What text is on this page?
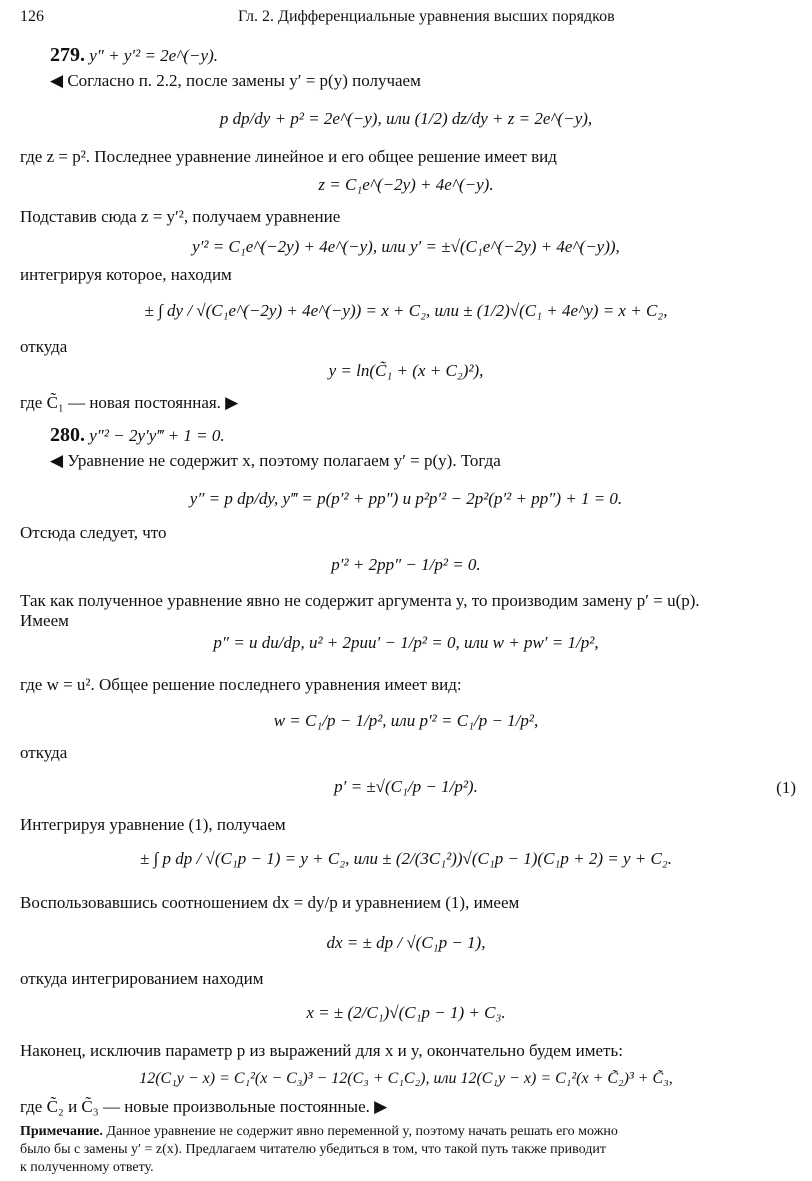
126	Гл. 2. Дифференциальные уравнения высших порядков
279. y″ + y′² = 2e^(−y).
◀ Согласно п. 2.2, после замены y′ = p(y) получаем
p dp/dy + p² = 2e^(−y), или (1/2) dz/dy + z = 2e^(−y),
где z = p². Последнее уравнение линейное и его общее решение имеет вид
z = C₁e^(−2y) + 4e^(−y).
Подставив сюда z = y′², получаем уравнение
y′² = C₁e^(−2y) + 4e^(−y), или y′ = ±√(C₁e^(−2y) + 4e^(−y)),
интегрируя которое, находим
± ∫ dy / √(C₁e^(−2y) + 4e^(−y)) = x + C₂, или ± (1/2)√(C₁ + 4e^y) = x + C₂,
откуда
y = ln(C̃₁ + (x + C₂)²),
где C̃₁ — новая постоянная. ▶
280. y″² − 2y′y‴ + 1 = 0.
◀ Уравнение не содержит x, поэтому полагаем y′ = p(y). Тогда
y″ = p dp/dy, y‴ = p(p′² + pp″) и p²p′² − 2p²(p′² + pp″) + 1 = 0.
Отсюда следует, что
p′² + 2pp″ − 1/p² = 0.
Так как полученное уравнение явно не содержит аргумента y, то производим замену p′ = u(p).
Имеем
p″ = u du/dp, u² + 2puu′ − 1/p² = 0, или w + pw′ = 1/p²,
где w = u². Общее решение последнего уравнения имеет вид:
w = C₁/p − 1/p², или p′² = C₁/p − 1/p²,
откуда
p′ = ±√(C₁/p − 1/p²).	(1)
Интегрируя уравнение (1), получаем
± ∫ p dp / √(C₁p − 1) = y + C₂, или ± (2/(3C₁²))√(C₁p − 1)(C₁p + 2) = y + C₂.
Воспользовавшись соотношением dx = dy/p и уравнением (1), имеем
dx = ± dp / √(C₁p − 1),
откуда интегрированием находим
x = ± (2/C₁)√(C₁p − 1) + C₃.
Наконец, исключив параметр p из выражений для x и y, окончательно будем иметь:
12(C₁y − x) = C₁²(x − C₃)³ − 12(C₃ + C₁C₂), или 12(C₁y − x) = C₁²(x + C̃₂)³ + C̃₃,
где C̃₂ и C̃₃ — новые произвольные постоянные. ▶
Примечание. Данное уравнение не содержит явно переменной y, поэтому начать решать его можно
было бы с замены y′ = z(x). Предлагаем читателю убедиться в том, что такой путь также приводит
к полученному ответу.
